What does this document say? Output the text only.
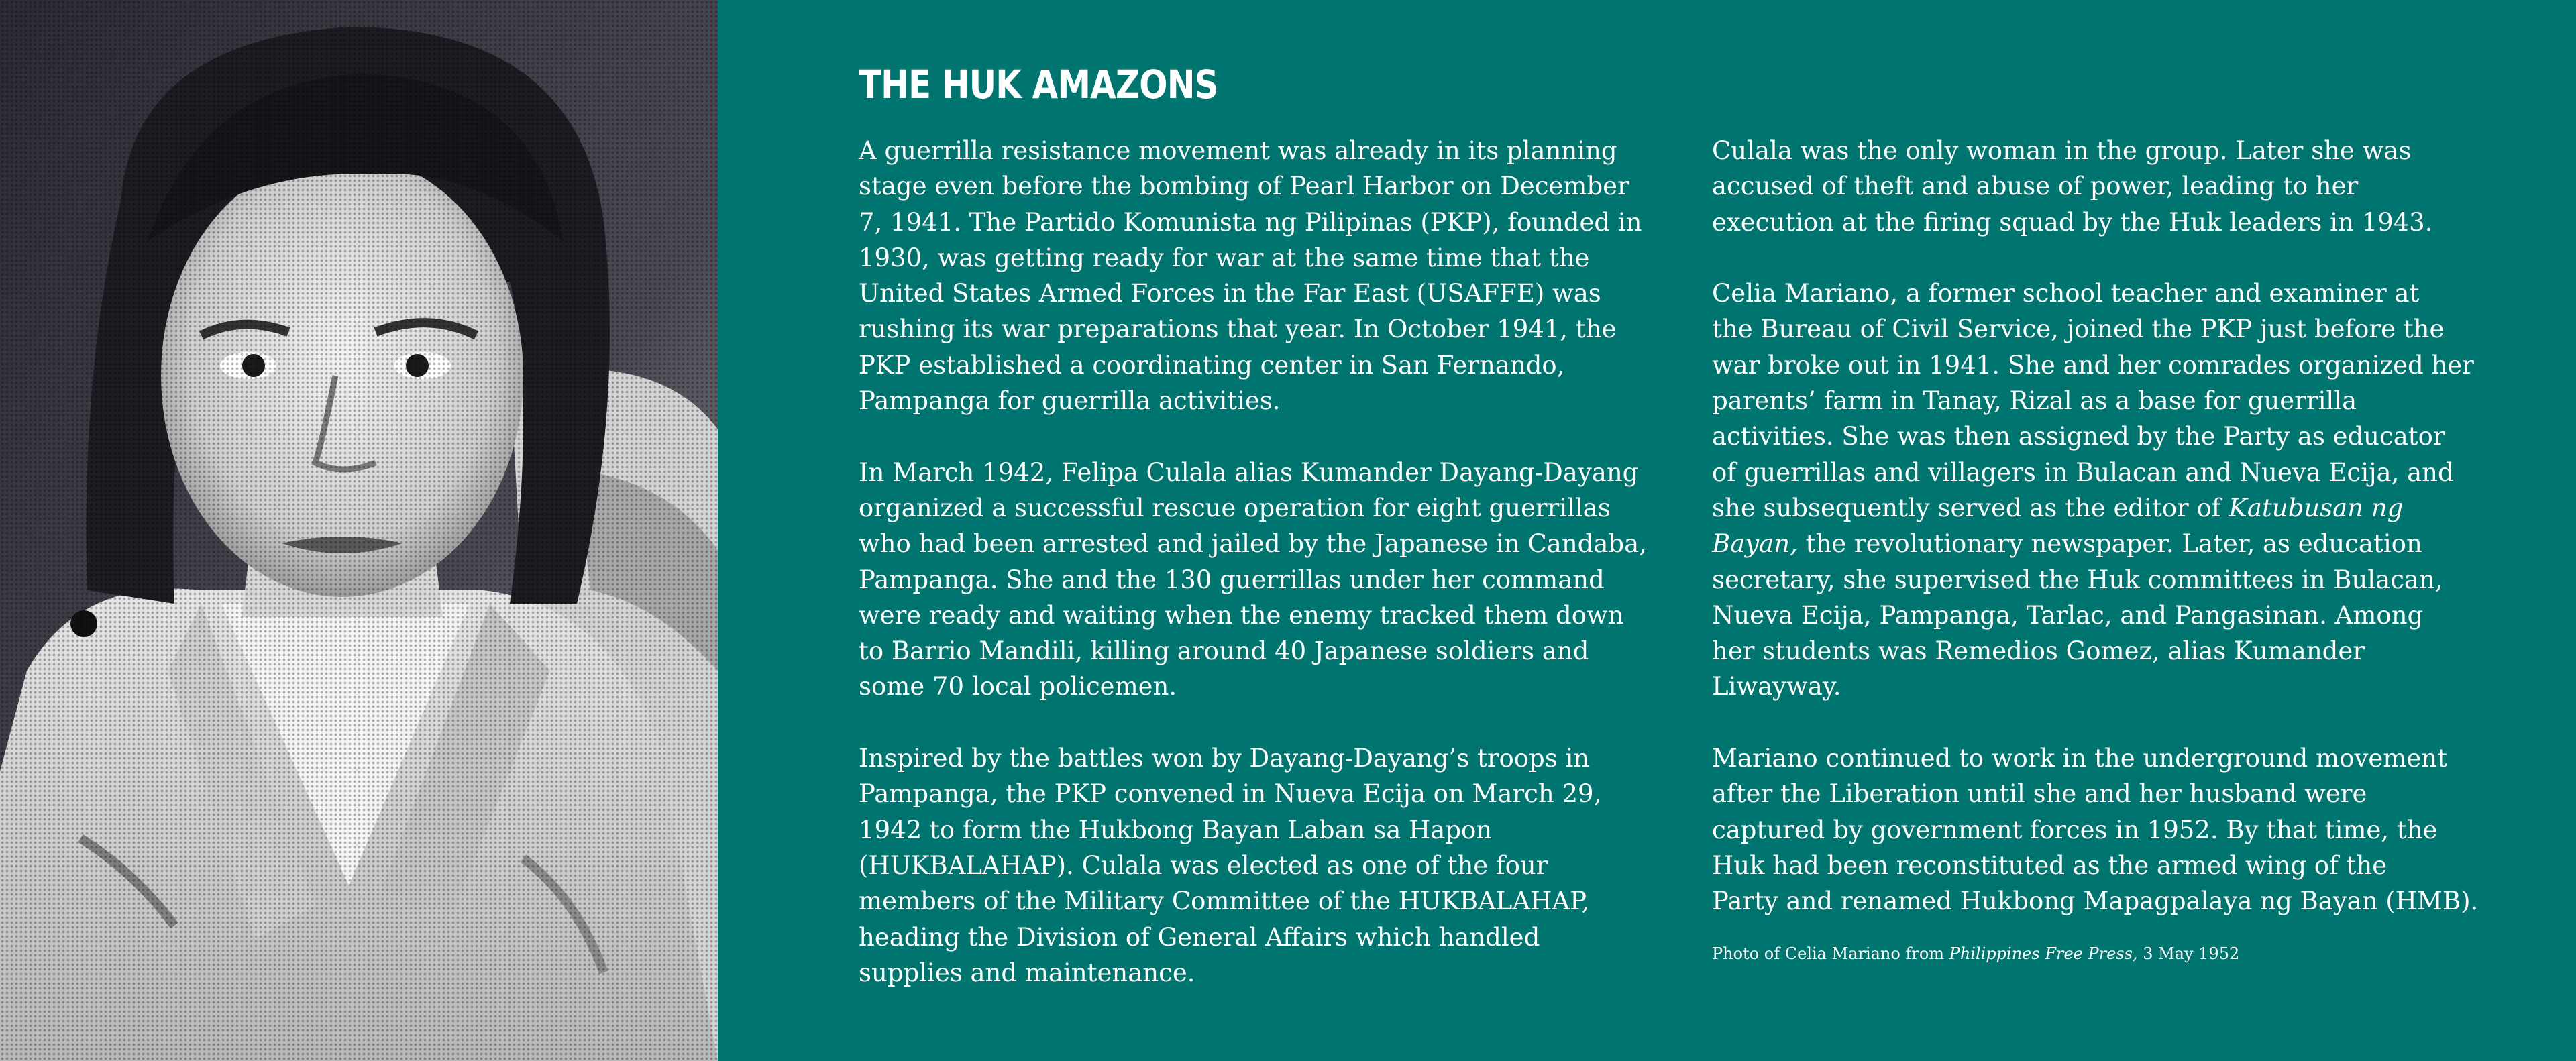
THE HUK AMAZONS

A guerrilla resistance movement was already in its planning
stage even before the bombing of Pearl Harbor on December
7, 1941. The Partido Komunista ng Pilipinas (PKP), founded in
1930, was getting ready for war at the same time that the
United States Armed Forces in the Far East (USAFFE) was
rushing its war preparations that year. In October 1941, the
PKP established a coordinating center in San Fernando,
Pampanga for guerrilla activities.

In March 1942, Felipa Culala alias Kumander Dayang-Dayang
organized a successful rescue operation for eight guerrillas
who had been arrested and jailed by the Japanese in Candaba,
Pampanga. She and the 130 guerrillas under her command
were ready and waiting when the enemy tracked them down
to Barrio Mandili, killing around 40 Japanese soldiers and
some 70 local policemen.

Inspired by the battles won by Dayang-Dayang’s troops in
Pampanga, the PKP convened in Nueva Ecija on March 29,
1942 to form the Hukbong Bayan Laban sa Hapon
(HUKBALAHAP). Culala was elected as one of the four
members of the Military Committee of the HUKBALAHAP,
heading the Division of General Affairs which handled
supplies and maintenance.

Culala was the only woman in the group. Later she was
accused of theft and abuse of power, leading to her
execution at the firing squad by the Huk leaders in 1943.

Celia Mariano, a former school teacher and examiner at
the Bureau of Civil Service, joined the PKP just before the
war broke out in 1941. She and her comrades organized her
parents’ farm in Tanay, Rizal as a base for guerrilla
activities. She was then assigned by the Party as educator
of guerrillas and villagers in Bulacan and Nueva Ecija, and
she subsequently served as the editor of Katubusan ng
Bayan, the revolutionary newspaper. Later, as education
secretary, she supervised the Huk committees in Bulacan,
Nueva Ecija, Pampanga, Tarlac, and Pangasinan. Among
her students was Remedios Gomez, alias Kumander
Liwayway.

Mariano continued to work in the underground movement
after the Liberation until she and her husband were
captured by government forces in 1952. By that time, the
Huk had been reconstituted as the armed wing of the
Party and renamed Hukbong Mapagpalaya ng Bayan (HMB).

Photo of Celia Mariano from Philippines Free Press, 3 May 1952
